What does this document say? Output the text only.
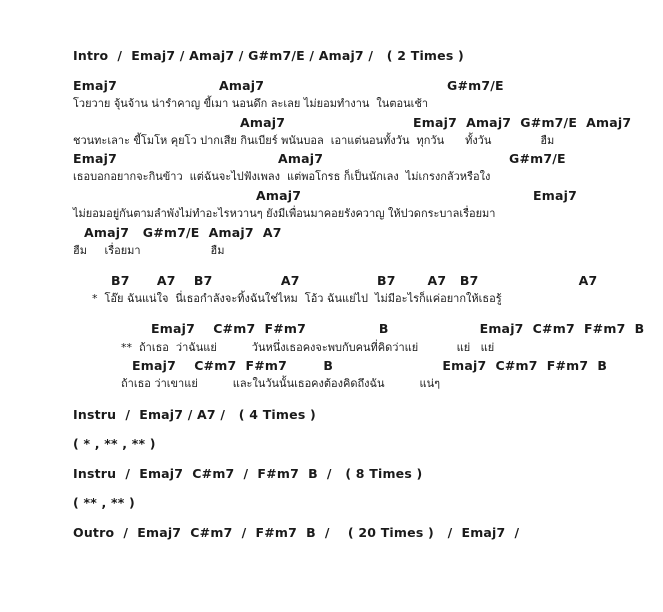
Intro  /  Emaj7 / Amaj7 / G#m7/E / Amaj7 /   ( 2 Times )
Emaj7	Amaj7	G#m7/E
โวยวาย จุ้นจ้าน น่ารำคาญ ขี้เมา นอนดึก ละเลย ไม่ยอมทำงาน  ในตอนเช้า
Amaj7	Emaj7  Amaj7  G#m7/E  Amaj7
ชวนทะเลาะ ขี้โมโห คุยโว ปากเสีย กินเบียร์ พนันบอล  เอาแต่นอนทั้งวัน  ทุกวัน      ทั้งวัน              ฮืม
Emaj7	Amaj7	G#m7/E
เธอบอกอยากจะกินข้าว  แต่ฉันจะไปฟังเพลง  แต่พอโกรธ ก็เป็นนักเลง  ไม่เกรงกลัวหรือใง
Amaj7	Emaj7
ไม่ยอมอยู่กันตามลำพังไม่ทำอะไรหวานๆ ยังมีเพื่อนมาคอยรังควาญ ให้ปวดกระบาลเรื่อยมา
Amaj7   G#m7/E  Amaj7  A7
ฮืม     เรื่อยมา                    ฮืม
B7      A7    B7               A7                 B7       A7   B7                      A7
*  โอ๊ย ฉันแน่ใจ  นี่เธอกำลังจะทิ้งฉันใช่ไหม  โอ้ว ฉันแย่ไป  ไม่มีอะไรก็แค่อยากให้เธอรู้
Emaj7    C#m7  F#m7                B                    Emaj7  C#m7  F#m7  B
**  ถ้าเธอ  ว่าฉันแย่          วันหนึ่งเธอคงจะพบกับคนที่คิดว่าแย่           แย่   แย่
Emaj7    C#m7  F#m7        B                        Emaj7  C#m7  F#m7  B
ถ้าเธอ ว่าเขาแย่          และในวันนั้นเธอคงต้องคิดถึงฉัน          แน่ๆ
Instru  /  Emaj7 / A7 /   ( 4 Times )
( * , ** , ** )
Instru  /  Emaj7  C#m7  /  F#m7  B  /   ( 8 Times )
( ** , ** )
Outro  /  Emaj7  C#m7  /  F#m7  B  /    ( 20 Times )   /  Emaj7  /
